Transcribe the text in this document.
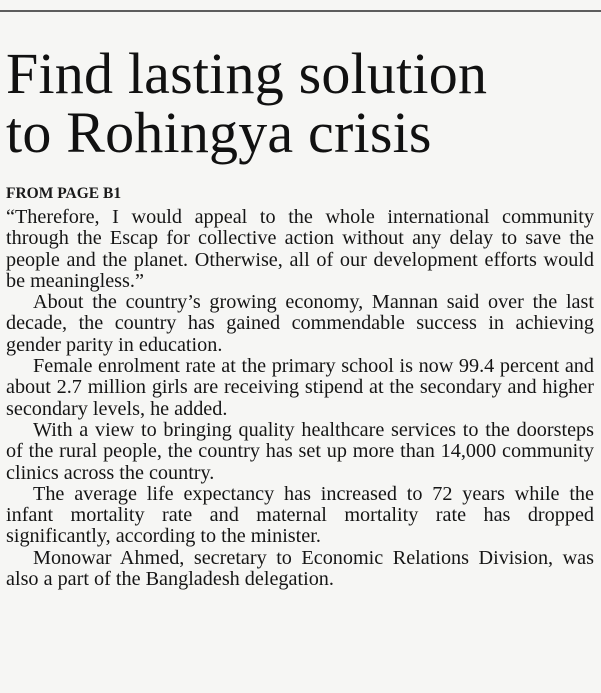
Find lasting solution
to Rohingya crisis
FROM PAGE B1

“Therefore, I would appeal to the whole international community through the Escap for collective action without any delay to save the people and the planet. Otherwise, all of our development efforts would be meaningless.”

About the country’s growing economy, Mannan said over the last decade, the country has gained commendable success in achieving gender parity in education.

Female enrolment rate at the primary school is now 99.4 percent and about 2.7 million girls are receiving stipend at the secondary and higher secondary levels, he added.

With a view to bringing quality healthcare services to the doorsteps of the rural people, the country has set up more than 14,000 community clinics across the country.

The average life expectancy has increased to 72 years while the infant mortality rate and maternal mortality rate has dropped significantly, according to the minister.

Monowar Ahmed, secretary to Economic Relations Division, was also a part of the Bangladesh delegation.
